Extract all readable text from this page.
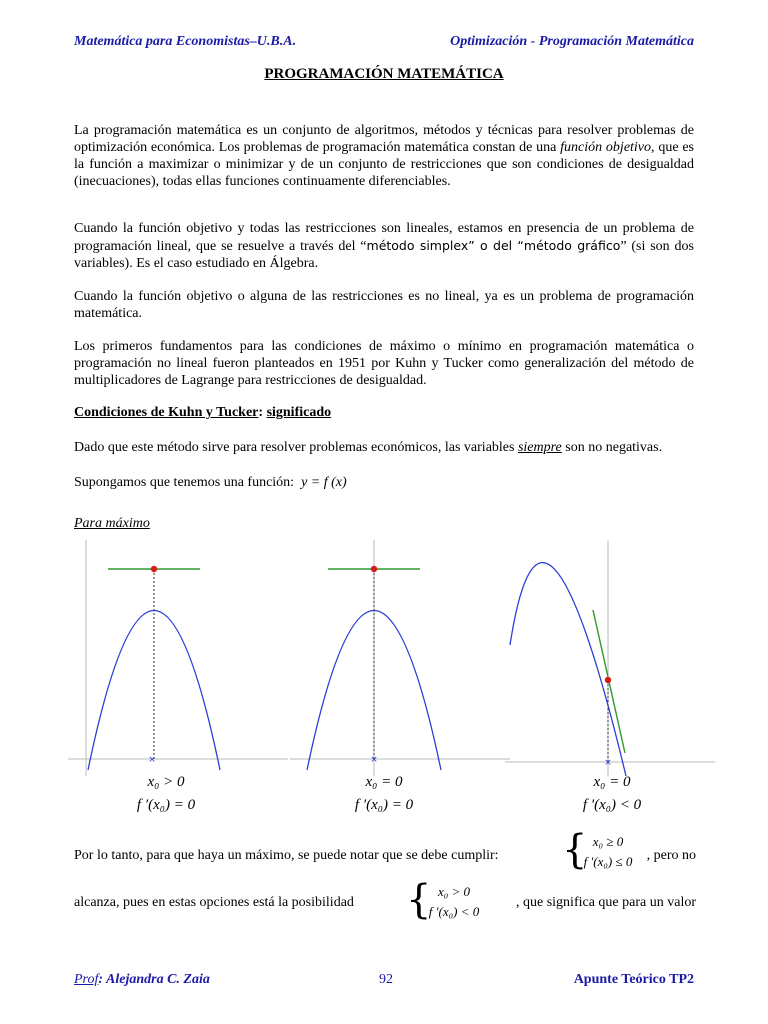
Matemática para Economistas–U.B.A.	Optimización - Programación Matemática
PROGRAMACIÓN MATEMÁTICA
La programación matemática es un conjunto de algoritmos, métodos y técnicas para resolver problemas de optimización económica. Los problemas de programación matemática constan de una función objetivo, que es la función a maximizar o minimizar y de un conjunto de restricciones que son condiciones de desigualdad (inecuaciones), todas ellas funciones continuamente diferenciables.
Cuando la función objetivo y todas las restricciones son lineales, estamos en presencia de un problema de programación lineal, que se resuelve a través del “método simplex” o del “método gráfico” (si son dos variables). Es el caso estudiado en Álgebra.
Cuando la función objetivo o alguna de las restricciones es no lineal, ya es un problema de programación matemática.
Los primeros fundamentos para las condiciones de máximo o mínimo en programación matemática o programación no lineal fueron planteados en 1951 por Kuhn y Tucker como generalización del método de multiplicadores de Lagrange para restricciones de desigualdad.
Condiciones de Kuhn y Tucker: significado
Dado que este método sirve para resolver problemas económicos, las variables siempre son no negativas.
Supongamos que tenemos una función: y = f (x)
Para máximo
×	×	×
x₀ > 0
f ′(x₀) = 0
x₀ = 0
f ′(x₀) = 0
x₀ = 0
f ′(x₀) < 0
Por lo tanto, para que haya un máximo, se puede notar que se debe cumplir:	{ x₀ ≥ 0
f ′(x₀) ≤ 0	, pero no
alcanza, pues en estas opciones está la posibilidad	{ x₀ > 0
f ′(x₀) < 0
, que significa que para un valor
Prof: Alejandra C. Zaia	92	Apunte Teórico TP2
